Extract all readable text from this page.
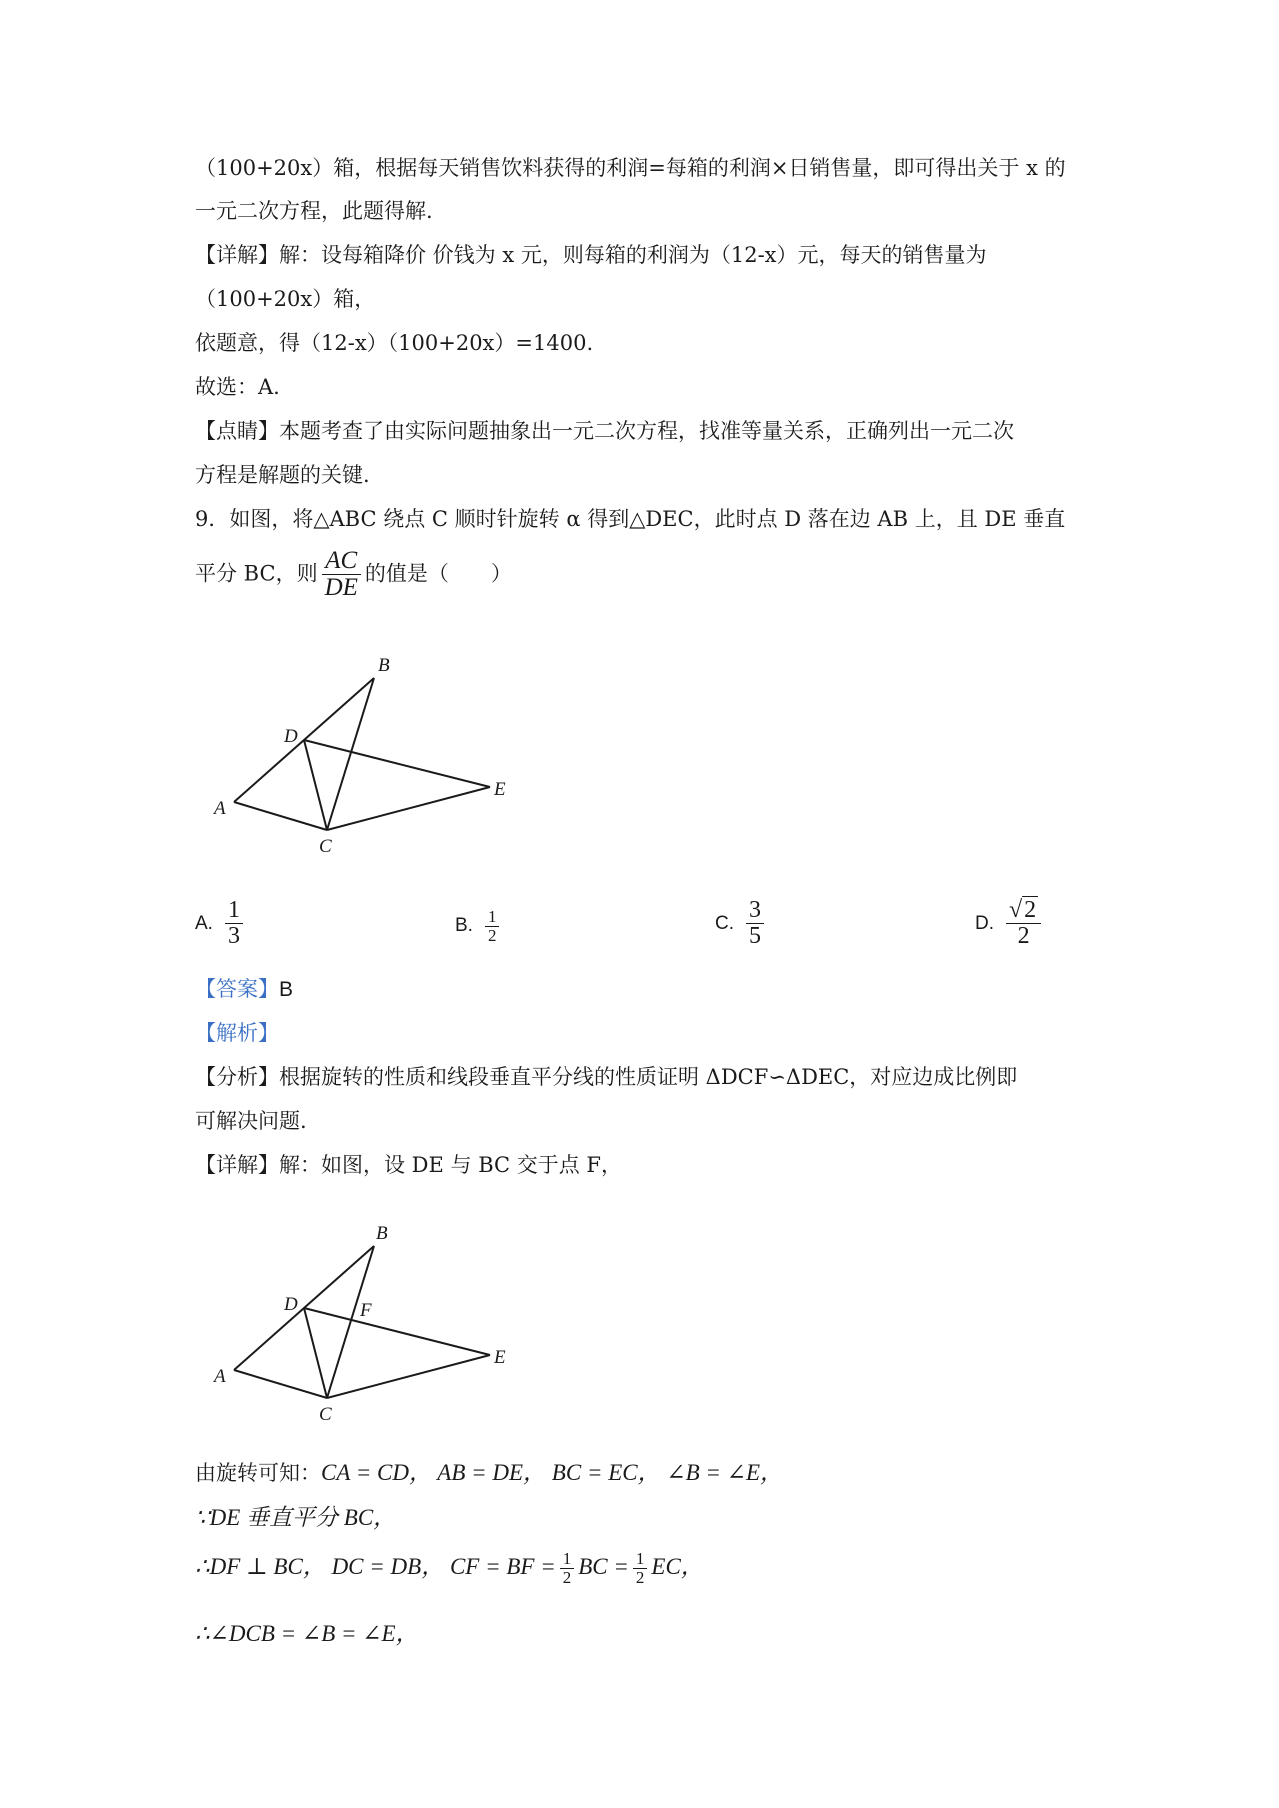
（100+20x）箱，根据每天销售饮料获得的利润=每箱的利润×日销售量，即可得出关于 x 的
一元二次方程，此题得解.
【详解】解：设每箱降价 价钱为 x 元，则每箱的利润为（12-x）元，每天的销售量为
（100+20x）箱，
依题意，得（12-x）（100+20x）=1400.
故选：A.
【点睛】本题考查了由实际问题抽象出一元二次方程，找准等量关系，正确列出一元二次
方程是解题的关键.
9．如图，将△ABC 绕点 C 顺时针旋转 α 得到△DEC，此时点 D 落在边 AB 上，且 DE 垂直
平分 BC，则 $\frac{AC}{DE}$ 的值是（　　）
B
D
E
A
C
A. $\frac{1}{3}$	B. $\frac{1}{2}$	C. $\frac{3}{5}$	D. $\frac{√2}{2}$
【答案】B
【解析】
【分析】根据旋转的性质和线段垂直平分线的性质证明 ΔDCF∽ΔDEC，对应边成比例即
可解决问题.
【详解】解：如图，设 DE 与 BC 交于点 F，
B
D	F
E
A
C
由旋转可知：CA = CD， AB = DE， BC = EC， ∠B = ∠E，
∵DE 垂直平分 BC，
∴DF ⊥ BC， DC = DB， CF = BF = $\frac{1}{2}$ BC = $\frac{1}{2}$ EC，
∴∠DCB = ∠B = ∠E，
